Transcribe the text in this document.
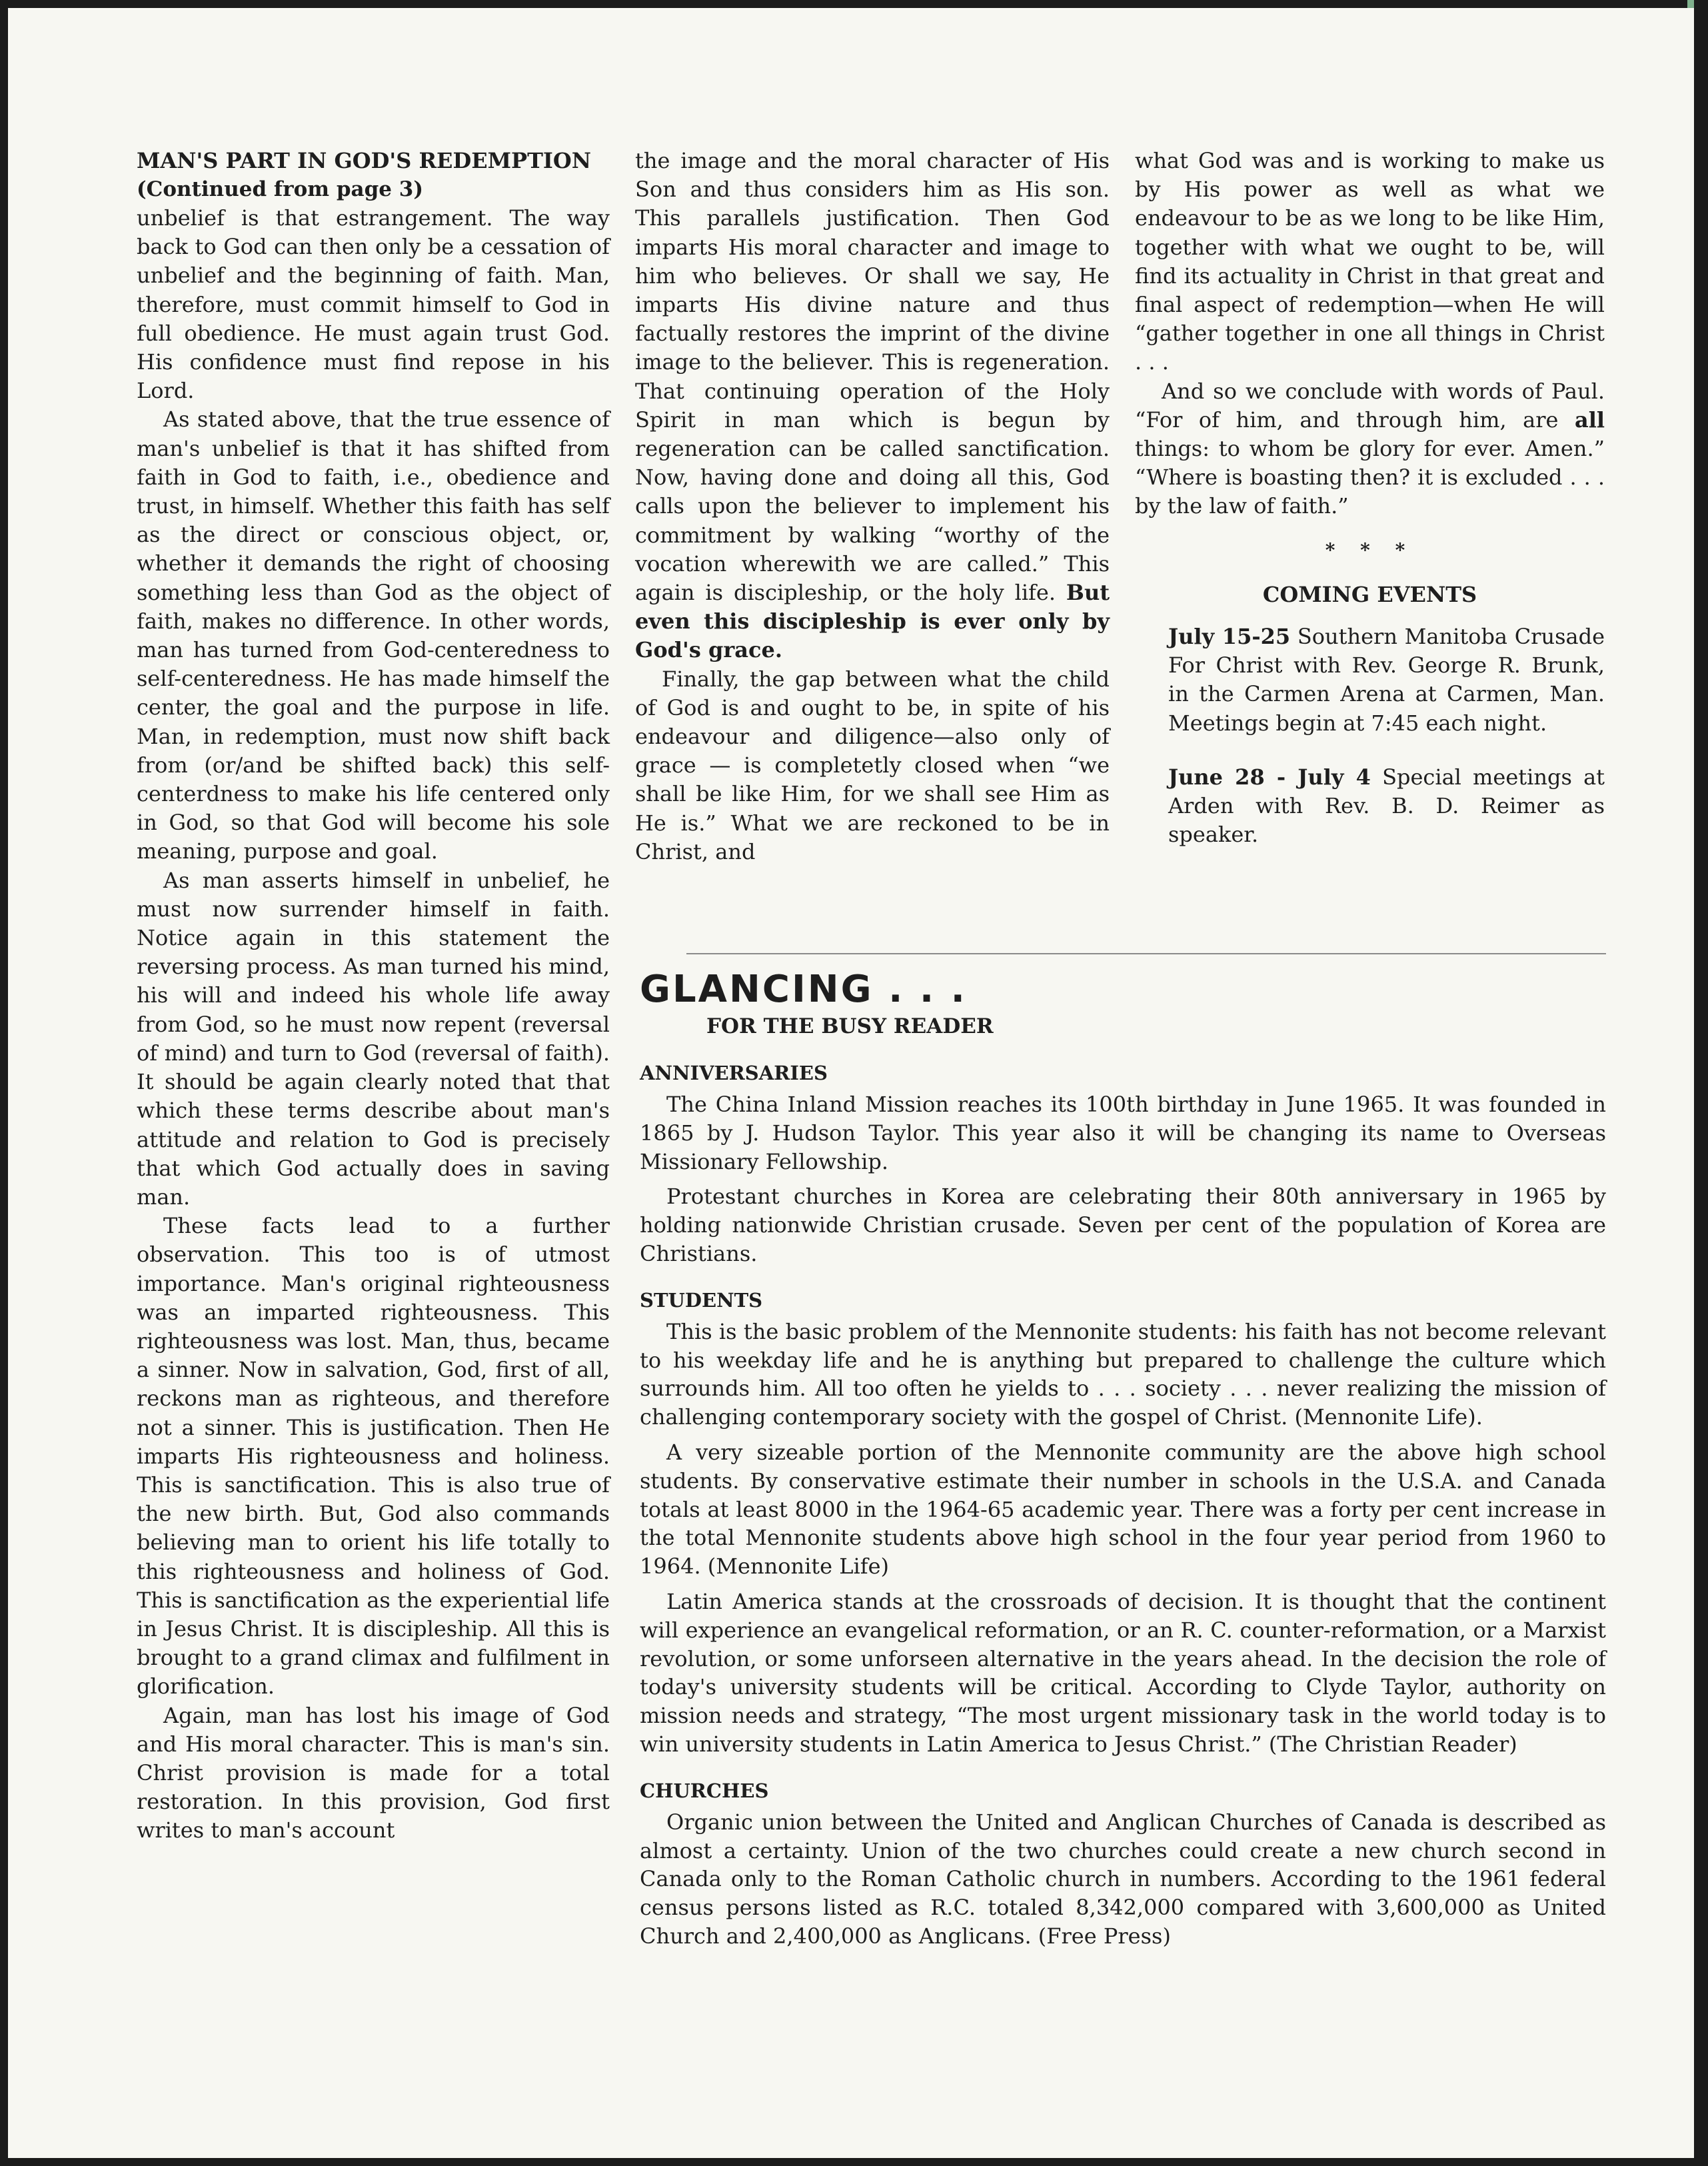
MAN'S PART IN GOD'S REDEMPTION

(Continued from page 3)

unbelief is that estrangement. The way back to God can then only be a cessation of unbelief and the beginning of faith. Man, therefore, must commit himself to God in full obedience. He must again trust God. His confidence must find repose in his Lord.

As stated above, that the true essence of man's unbelief is that it has shifted from faith in God to faith, i.e., obedience and trust, in himself. Whether this faith has self as the direct or conscious object, or, whether it demands the right of choosing something less than God as the object of faith, makes no difference. In other words, man has turned from God-centeredness to self-centeredness. He has made himself the center, the goal and the purpose in life. Man, in redemption, must now shift back from (or/and be shifted back) this self-centerdness to make his life centered only in God, so that God will become his sole meaning, purpose and goal.

As man asserts himself in unbelief, he must now surrender himself in faith. Notice again in this statement the reversing process. As man turned his mind, his will and indeed his whole life away from God, so he must now repent (reversal of mind) and turn to God (reversal of faith). It should be again clearly noted that that which these terms describe about man's attitude and relation to God is precisely that which God actually does in saving man.

These facts lead to a further observation. This too is of utmost importance. Man's original righteousness was an imparted righteousness. This righteousness was lost. Man, thus, became a sinner. Now in salvation, God, first of all, reckons man as righteous, and therefore not a sinner. This is justification. Then He imparts His righteousness and holiness. This is sanctification. This is also true of the new birth. But, God also commands believing man to orient his life totally to this righteousness and holiness of God. This is sanctification as the experiential life in Jesus Christ. It is discipleship. All this is brought to a grand climax and fulfilment in glorification.

Again, man has lost his image of God and His moral character. This is man's sin. Christ provision is made for a total restoration. In this provision, God first writes to man's account

the image and the moral character of His Son and thus considers him as His son. This parallels justification. Then God imparts His moral character and image to him who believes. Or shall we say, He imparts His divine nature and thus factually restores the imprint of the divine image to the believer. This is regeneration. That continuing operation of the Holy Spirit in man which is begun by regeneration can be called sanctification. Now, having done and doing all this, God calls upon the believer to implement his commitment by walking “worthy of the vocation wherewith we are called.” This again is discipleship, or the holy life. But even this discipleship is ever only by God's grace.

Finally, the gap between what the child of God is and ought to be, in spite of his endeavour and diligence—also only of grace — is completetly closed when “we shall be like Him, for we shall see Him as He is.” What we are reckoned to be in Christ, and

what God was and is working to make us by His power as well as what we endeavour to be as we long to be like Him, together with what we ought to be, will find its actuality in Christ in that great and final aspect of redemption—when He will “gather together in one all things in Christ . . .

And so we conclude with words of Paul. “For of him, and through him, are all things: to whom be glory for ever. Amen.” “Where is boasting then? it is excluded . . . by the law of faith.”

* * *
COMING EVENTS

July 15-25 Southern Manitoba Crusade For Christ with Rev. George R. Brunk, in the Carmen Arena at Carmen, Man. Meetings begin at 7:45 each night.

June 28 - July 4 Special meetings at Arden with Rev. B. D. Reimer as speaker.

GLANCING . . .
FOR THE BUSY READER
ANNIVERSARIES

The China Inland Mission reaches its 100th birthday in June 1965. It was founded in 1865 by J. Hudson Taylor. This year also it will be changing its name to Overseas Missionary Fellowship.

Protestant churches in Korea are celebrating their 80th anniversary in 1965 by holding nationwide Christian crusade. Seven per cent of the population of Korea are Christians.

STUDENTS

This is the basic problem of the Mennonite students: his faith has not become relevant to his weekday life and he is anything but prepared to challenge the culture which surrounds him. All too often he yields to . . . society . . . never realizing the mission of challenging contemporary society with the gospel of Christ. (Mennonite Life).

A very sizeable portion of the Mennonite community are the above high school students. By conservative estimate their number in schools in the U.S.A. and Canada totals at least 8000 in the 1964-65 academic year. There was a forty per cent increase in the total Mennonite students above high school in the four year period from 1960 to 1964. (Mennonite Life)

Latin America stands at the crossroads of decision. It is thought that the continent will experience an evangelical reformation, or an R. C. counter-reformation, or a Marxist revolution, or some unforseen alternative in the years ahead. In the decision the role of today's university students will be critical. According to Clyde Taylor, authority on mission needs and strategy, “The most urgent missionary task in the world today is to win university students in Latin America to Jesus Christ.” (The Christian Reader)

CHURCHES

Organic union between the United and Anglican Churches of Canada is described as almost a certainty. Union of the two churches could create a new church second in Canada only to the Roman Catholic church in numbers. According to the 1961 federal census persons listed as R.C. totaled 8,342,000 compared with 3,600,000 as United Church and 2,400,000 as Anglicans. (Free Press)
